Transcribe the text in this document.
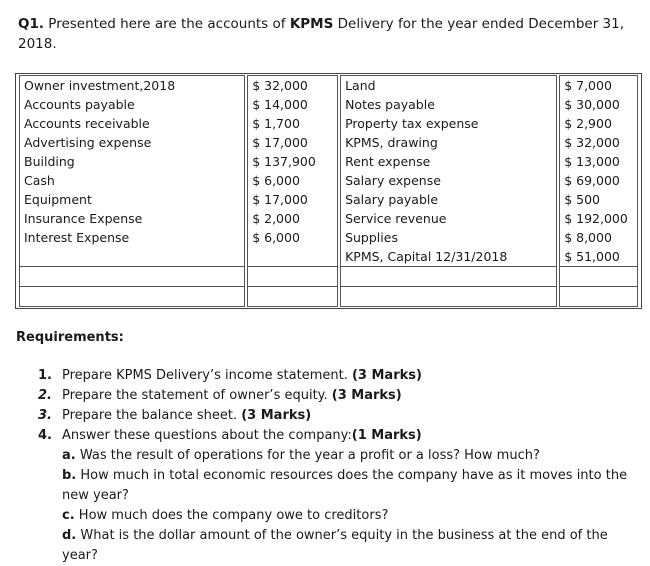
Q1. Presented here are the accounts of KPMS Delivery for the year ended December 31, 2018.
Owner investment,2018	$ 32,000	Land	$ 7,000
Accounts payable	$ 14,000	Notes payable	$ 30,000
Accounts receivable	$ 1,700	Property tax expense	$ 2,900
Advertising expense	$ 17,000	KPMS, drawing	$ 32,000
Building	$ 137,900	Rent expense	$ 13,000
Cash	$ 6,000	Salary expense	$ 69,000
Equipment	$ 17,000	Salary payable	$ 500
Insurance Expense	$ 2,000	Service revenue	$ 192,000
Interest Expense	$ 6,000	Supplies	$ 8,000
		KPMS, Capital 12/31/2018	$ 51,000

Requirements:
1. Prepare KPMS Delivery’s income statement. (3 Marks)
2. Prepare the statement of owner’s equity. (3 Marks)
3. Prepare the balance sheet. (3 Marks)
4. Answer these questions about the company:(1 Marks)
a. Was the result of operations for the year a profit or a loss? How much?
b. How much in total economic resources does the company have as it moves into the new year?
c. How much does the company owe to creditors?
d. What is the dollar amount of the owner’s equity in the business at the end of the year?
